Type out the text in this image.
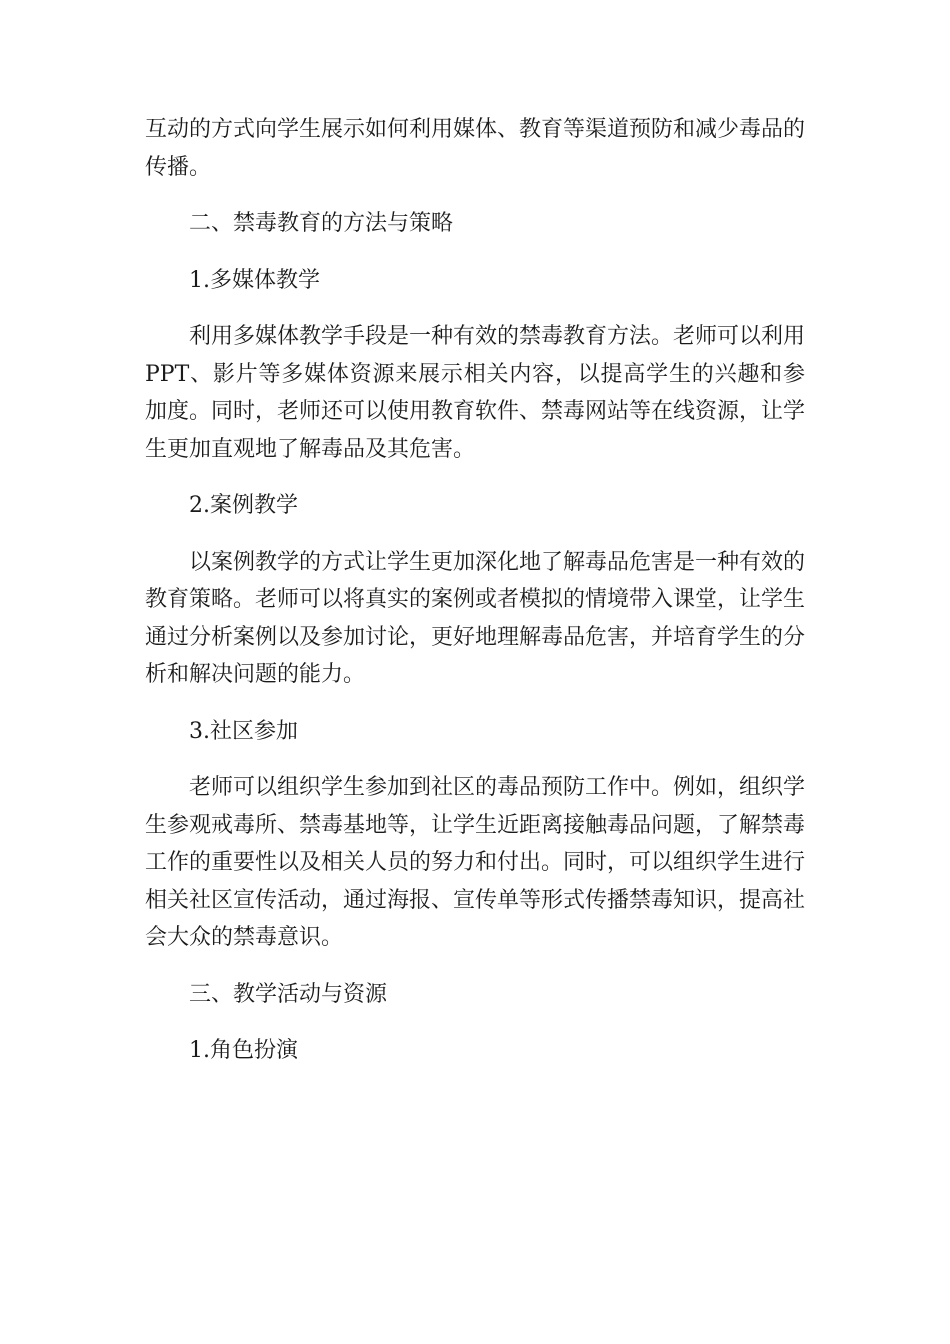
互动的方式向学生展示如何利用媒体、教育等渠道预防和减少毒品的传播。

二、禁毒教育的方法与策略

1.多媒体教学

利用多媒体教学手段是一种有效的禁毒教育方法。老师可以利用PPT、影片等多媒体资源来展示相关内容，以提高学生的兴趣和参加度。同时，老师还可以使用教育软件、禁毒网站等在线资源，让学生更加直观地了解毒品及其危害。

2.案例教学

以案例教学的方式让学生更加深化地了解毒品危害是一种有效的教育策略。老师可以将真实的案例或者模拟的情境带入课堂，让学生通过分析案例以及参加讨论，更好地理解毒品危害，并培育学生的分析和解决问题的能力。

3.社区参加

老师可以组织学生参加到社区的毒品预防工作中。例如，组织学生参观戒毒所、禁毒基地等，让学生近距离接触毒品问题，了解禁毒工作的重要性以及相关人员的努力和付出。同时，可以组织学生进行相关社区宣传活动，通过海报、宣传单等形式传播禁毒知识，提高社会大众的禁毒意识。

三、教学活动与资源

1.角色扮演
